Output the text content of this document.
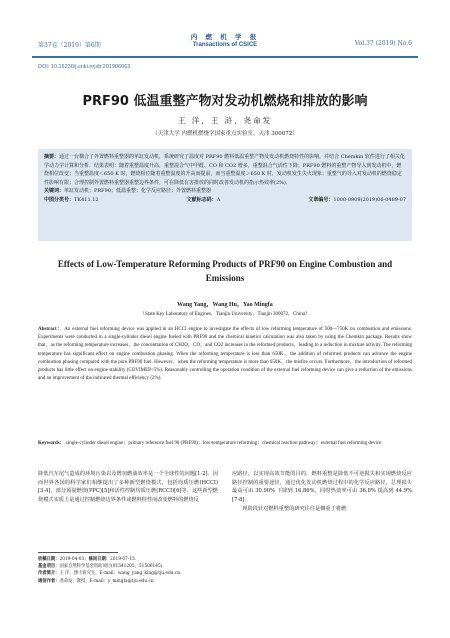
第37卷（2019）第6期
内 燃 机 学 报
Transactions of CSICE	Vol.37 (2019) No.6
DOI: 10.16236/j.cnki.nrjxb.201906063
PRF90 低温重整产物对发动机燃烧和排放的影响
王 洋，王 浒，尧命发
（天津大学 内燃机燃烧学国家重点实验室，天津 300072）
摘要：通过一台耦合了外置燃料重整器的单缸发动机，系统研究了温度对 PRF90 燃料低温重整产物及发动机燃烧特性的影响，并结合 Chemkin 软件进行了相关化学动力学计算和分析．结果表明：随着重整温度升高，重整混合气中甲醛、CO 和 CO2 增多，重整混合气活性下降；PRF90 燃料的重整产物导入到发动机中，燃烧相位改变；当重整温度＜650 K 时，燃烧相位随着重整温度的升高而提前，而当重整温度＞650 K 时，发动机发生失火现象；重整气的导入对发动机的燃烧稳定性影响有限；合理控制外置燃料重整器重整边界条件，可在降低有害排放的同时改善发动机的指示热效率(2%)．
关键词：单缸发动机；PRF90；低温重整；化学反应路径；外置燃料重整器
中图分类号：TK411.12	文献标志码：A	文章编号：1000-0909(2019)06-0489-07
Effects of Low-Temperature Reforming Products of PRF90 on Engine Combustion and Emissions
Wang Yang，Wang Hu，Yao Mingfa
（State Key Laboratory of Engines，Tianjin University，Tianjin 300072，China）
Abstract： An external fuel reforming device was applied in an HCCI engine to investigate the effects of low reforming temperature of 500—750K on combustion and emissions. Experiments were conducted in a single-cylinder diesel engine fueled with PRF90 and the chemical kinetics calculation was also taken by using the Chemkin package. Results show that，as the reforming temperature increases，the concentration of CH2O，CO，and CO2 increases in the reformed products，leading to a reduction in mixture activity. The reforming temperature has significant effect on engine combustion phasing. When the reforming temperature is less than 650K，the addition of reformed products can advance the engine combustion phasing compared with the pure PRF90 fuel. However，when the reforming temperature is more than 650K，the misfire occurs. Furthermore，the introduction of reformed products has little effect on engine stability (COVIMEP<5%). Reasonably controlling the operation condition of the external fuel reforming device can give a reduction of the emissions and an improvement of the indicated thermal efficiency (2%)．
Keywords： single-cylinder diesel engine；primary reference fuel 90 (PRF90)；low-temperature reforming；chemical reaction pathway；external fuel reforming device
降低汽车尾气造成的环境污染以及增加燃油效率是一个全球性的问题[1-2]．因而世界各国的科学家们相继提出了多种新型燃烧模式，包括均质压燃(HCCI)[3-4]、部分预混燃烧(PPC)[5]和活性控制均质压燃(RCCI)[6]等．这些新型燃烧模式实质上是通过控制燃烧边界条件或燃料特性而改变燃料的燃烧反
应路径，以实现高效节能的目的．燃料重整是降低不可逆损失和实现燃烧反应路径控制的重要途径，通过优化发动机燃烧过程中的化学反应路径，总理损失最高可由 30.90% 下降到 16.86%，同时热效率可由 36.8% 提高到 44.9%[7-8]．
　　现阶段针对燃料重整的研究往往是侧重于将燃
收稿日期：2019-04-03；修回日期：2019-07-15．
基金项目：国家自然科学基金资助项目(91541205，51506145)．
作者简介：王 洋，博士研究生，E-mail：wang_yang_king@tju.edu.cn．
通信作者：尧命发，教授，E-mail：y_mingfa@tju.edu.cn．
